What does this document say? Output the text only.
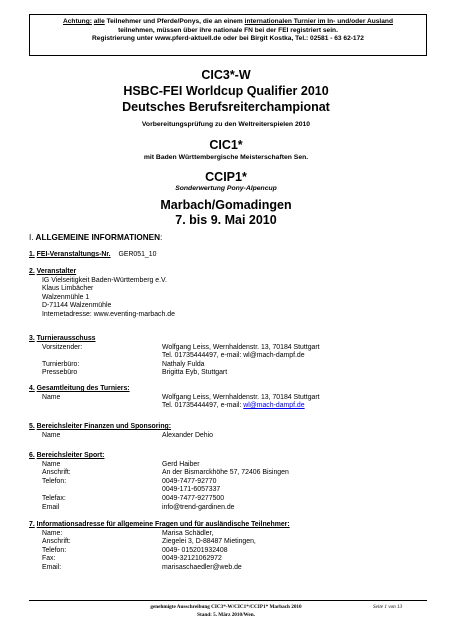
Achtung: alle Teilnehmer und Pferde/Ponys, die an einem internationalen Turnier im In- und/oder Ausland
teilnehmen, müssen über ihre nationale FN bei der FEI registriert sein.
Registrierung unter www.pferd-aktuell.de oder bei Birgit Kostka, Tel.: 02581 - 63 62-172
CIC3*-W
HSBC-FEI Worldcup Qualifier 2010
Deutsches Berufsreiterchampionat
Vorbereitungsprüfung zu den Weltreiterspielen 2010
CIC1*
mit Baden Württembergische Meisterschaften Sen.
CCIP1*
Sonderwertung Pony-Alpencup
Marbach/Gomadingen
7. bis 9. Mai 2010
I. ALLGEMEINE INFORMATIONEN:
1. FEI-Veranstaltungs-Nr. GER051_10
2. Veranstalter
IG Vielseitigkeit Baden-Württemberg e.V.
Klaus Limbächer
Walzenmühle 1
D-71144 Walzenmühle
Internetadresse: www.eventing-marbach.de
3. Turnierausschuss
Vorsitzender:	Wolfgang Leiss, Wernhaldenstr. 13, 70184 Stuttgart
Tel. 01735444497, e-mail: wl@mach-dampf.de
Turnierbüro:	Nathaly Fulda
Pressebüro	Brigitta Eyb, Stuttgart
4. Gesamtleitung des Turniers:
Name	Wolfgang Leiss, Wernhaldenstr. 13, 70184 Stuttgart
Tel. 01735444497, e-mail: wl@mach-dampf.de
5. Bereichsleiter Finanzen und Sponsoring:
Name	Alexander Dehio
6. Bereichsleiter Sport:
Name	Gerd Haiber
Anschrift:	An der Bismarckhöhe 57, 72406 Bisingen
Telefon:	0049-7477-92770
0049-171-6057337
Telefax:	0049-7477-9277500
Email	info@trend-gardinen.de
7. Informationsadresse für allgemeine Fragen und für ausländische Teilnehmer:
Name:	Marisa Schädler,
Anschrift:	Ziegelei 3, D-88487 Mietingen,
Telefon:	0049- 015201932408
Fax:	0049-32121062972
Email:	marisaschaedler@web.de
genehmigte Ausschreibung CIC3*-W/CIC1*/CCIP1* Marbach 2010	Seite 1 von 13
Stand: 5. März 2010/Wen.
